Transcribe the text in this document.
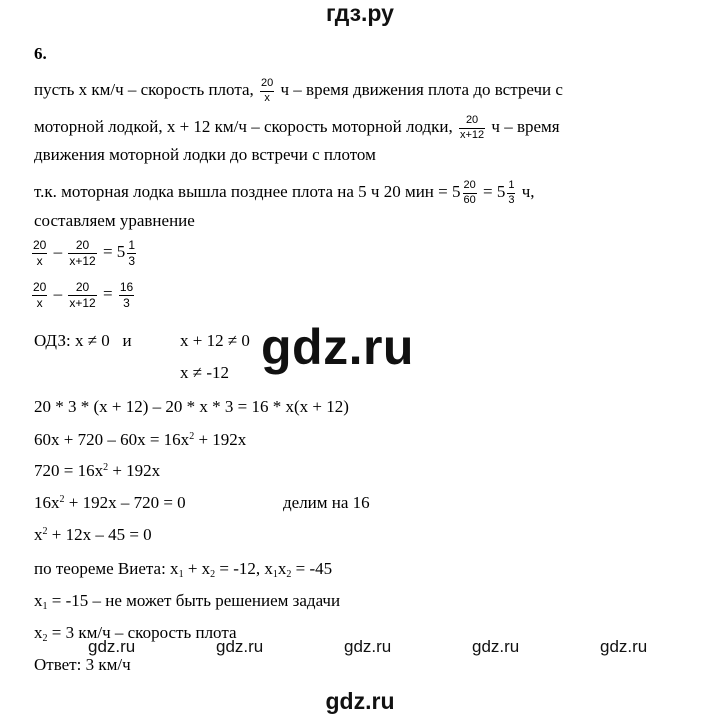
гдз.ру
6.
пусть x км/ч – скорость плота, $\frac{20}{x}$ ч – время движения плота до встречи с
моторной лодкой, x + 12 км/ч – скорость моторной лодки, $\frac{20}{x+12}$ ч – время
движения моторной лодки до встречи с плотом
т.к. моторная лодка вышла позднее плота на 5 ч 20 мин = $5 \frac{20}{60} = 5 \frac{1}{3} ч$,
составляем уравнение
$\frac{20}{x} - \frac{20}{x+12} = 5 \frac{1}{3}$
$\frac{20}{x} - \frac{20}{x+12} = \frac{16}{3}$
ОДЗ: x ≠ 0   и	x + 12 ≠ 0
x ≠ -12 gdz.ru
20 * 3 * (x + 12) – 20 * x * 3 = 16 * x(x + 12)
$60x + 720 - 60x = 16x^2 + 192x$
$720 = 16x^2 + 192x$
$16x^2 + 192x - 720 = 0$	делим на 16
$x^2 + 12x - 45 = 0$
по теореме Виета: $x_1 + x_2 = -12$, $x_1x_2 = -45$
$x_1 = -15$ – не может быть решением задачи
$x_2 = 3$ км/ч – скорость плота
gdz.ru	gdz.ru	gdz.ru	gdz.ru	gdz.ru
Ответ: 3 км/ч
gdz.ru
